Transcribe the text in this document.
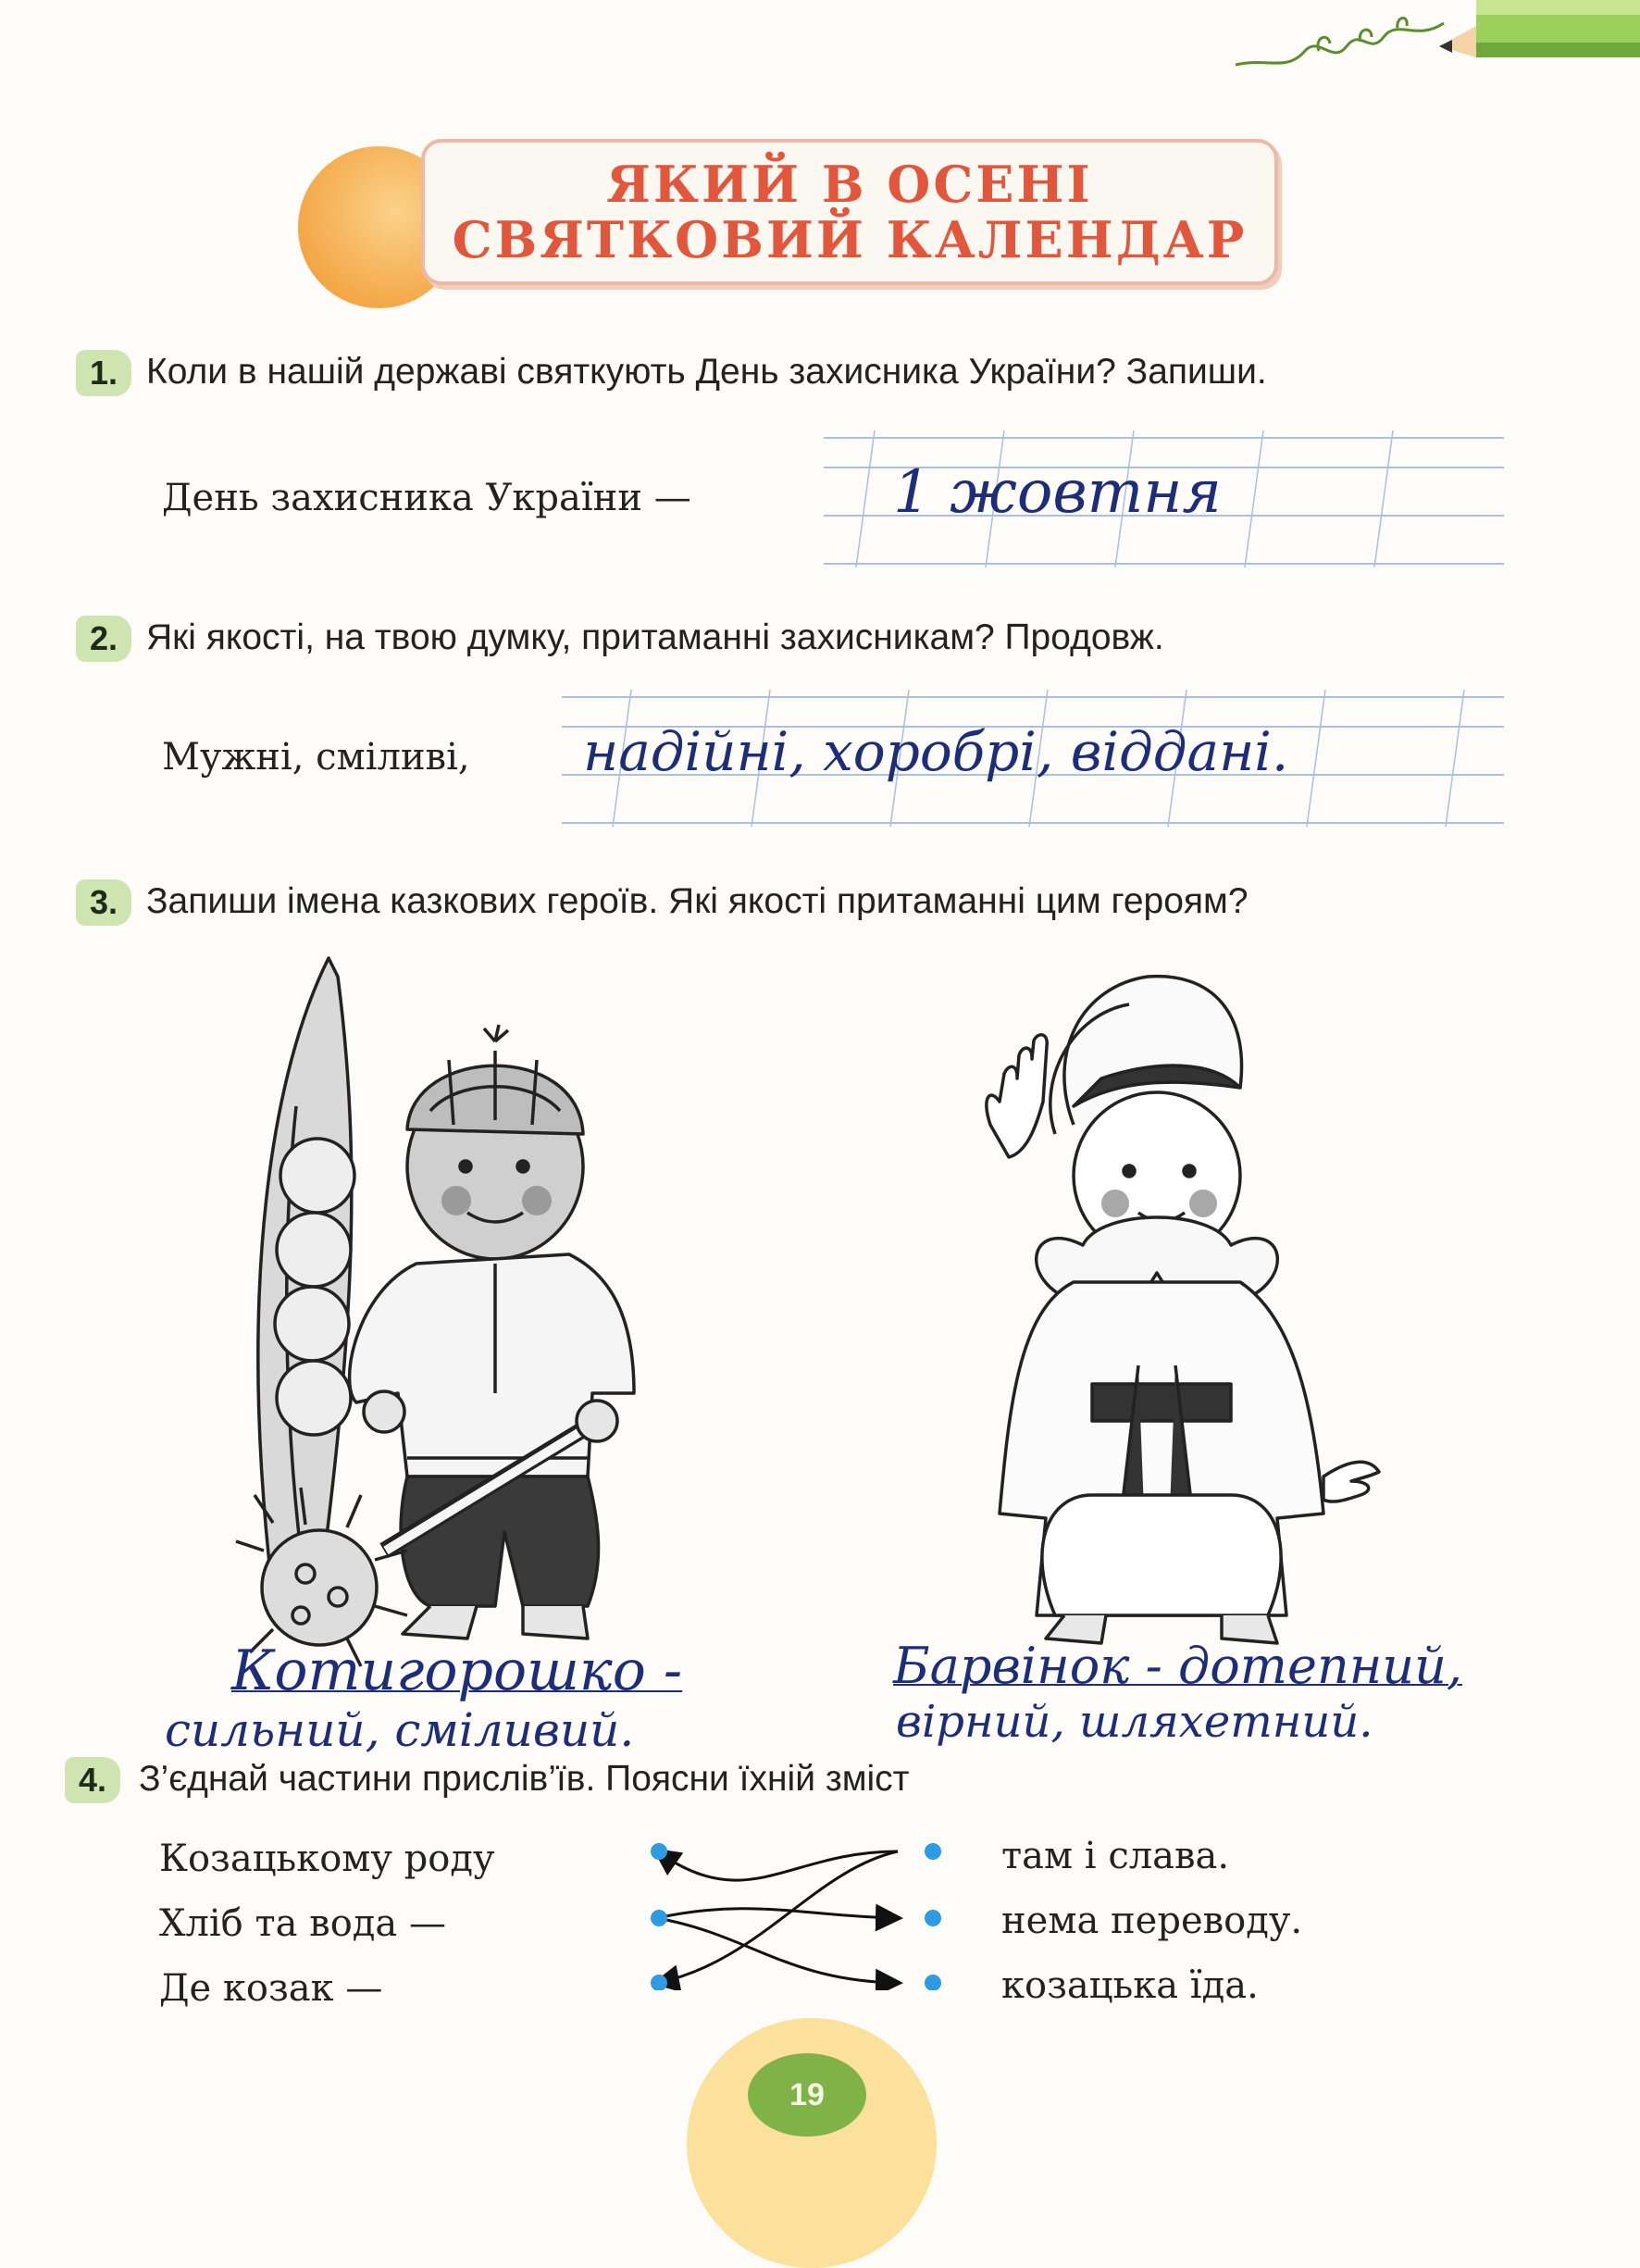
ЯКИЙ В ОСЕНІ
СВЯТКОВИЙ КАЛЕНДАР
1. Коли в нашій державі святкують День захисника України? Запиши.
День захисника України —	1 жовтня
2. Які якості, на твою думку, притаманні захисникам? Продовж.
Мужні, сміливі, надійні, хоробрі, віддані.
3. Запиши імена казкових героїв. Які якості притаманні цим героям?
Котигорошко -
сильний, сміливий.
Барвінок - дотепний,
вірний, шляхетний.
4. З’єднай частини прислів’їв. Поясни їхній зміст
Козацькому роду
Хліб та вода —
Де козак —
там і слава.
нема переводу.
козацька їда.
19
